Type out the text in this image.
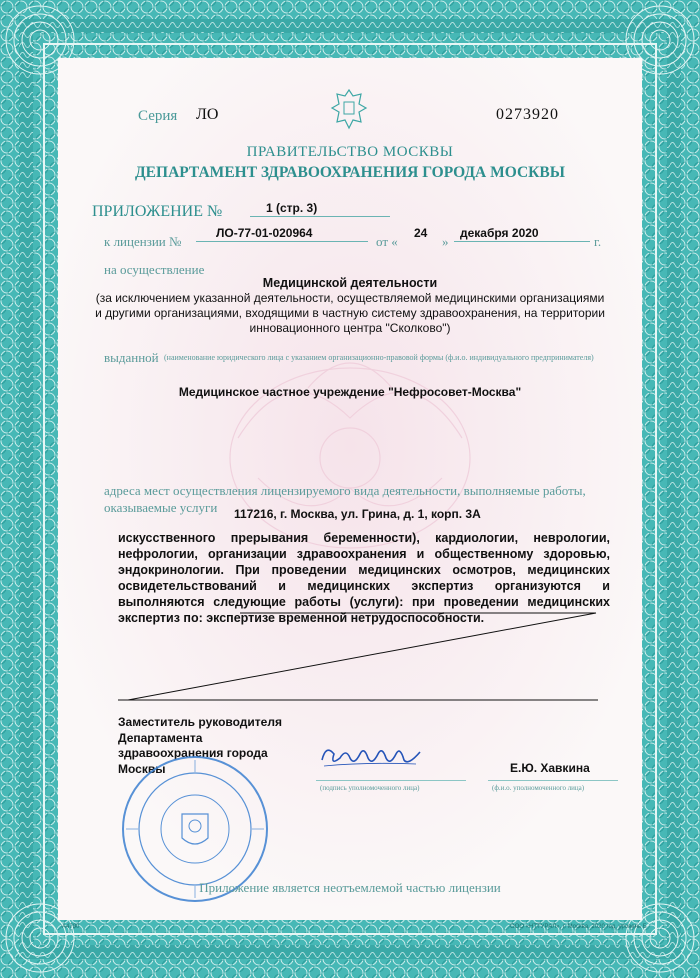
Серия ЛО	0273920
ПРАВИТЕЛЬСТВО МОСКВЫ
ДЕПАРТАМЕНТ ЗДРАВООХРАНЕНИЯ ГОРОДА МОСКВЫ
ПРИЛОЖЕНИЕ №	1 (стр. 3)
к лицензии №
ЛО-77-01-020964
от «
24
»
декабря 2020
г.
на осуществление
Медицинской деятельности
(за исключением указанной деятельности, осуществляемой медицинскими организациями и другими организациями, входящими в частную систему здравоохранения, на территории инновационного центра "Сколково")
выданной (наименование юридического лица с указанием организационно-правовой формы (ф.и.о. индивидуального предпринимателя)
Медицинское частное учреждение "Нефросовет-Москва"
адреса мест осуществления лицензируемого вида деятельности, выполняемые работы, оказываемые услуги	117216, г. Москва, ул. Грина, д. 1, корп. 3А
искусственного прерывания беременности), кардиологии, неврологии, нефрологии, организации здравоохранения и общественному здоровью, эндокринологии. При проведении медицинских осмотров, медицинских освидетельствований и медицинских экспертиз организуются и выполняются следующие работы (услуги): при проведении медицинских экспертиз по: экспертизе временной нетрудоспособности.
Заместитель руководителя
Департамента
здравоохранения города
Москвы
(подпись уполномоченного лица)
Е.Ю. Хавкина
(ф.и.о. уполномоченного лица)
Приложение является неотъемлемой частью лицензии
А4780	ООО «НТТУРАЛ», г. Москва, 2020 год, уровень Б
